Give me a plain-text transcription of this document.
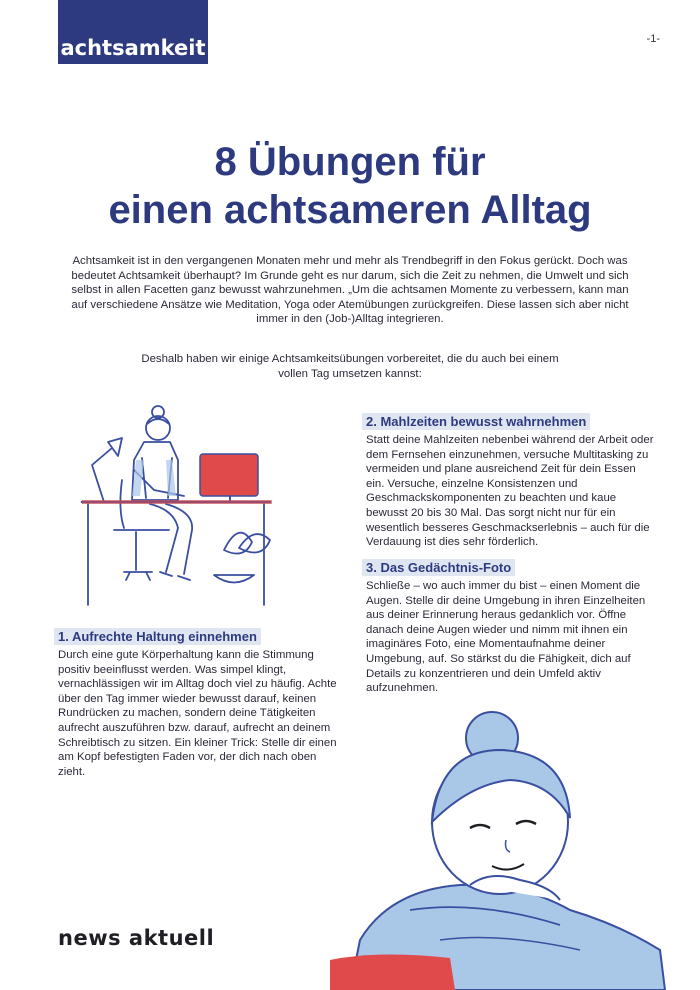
achtsamkeit	-1-
8 Übungen für
einen achtsameren Alltag

Achtsamkeit ist in den vergangenen Monaten mehr und mehr als Trendbegriff in den Fokus gerückt. Doch was bedeutet Achtsamkeit überhaupt? Im Grunde geht es nur darum, sich die Zeit zu nehmen, die Umwelt und sich selbst in allen Facetten ganz bewusst wahrzunehmen. „Um die achtsamen Momente zu verbessern, kann man auf verschiedene Ansätze wie Meditation, Yoga oder Atemübungen zurückgreifen. Diese lassen sich aber nicht immer in den (Job-)Alltag integrieren.

Deshalb haben wir einige Achtsamkeitsübungen vorbereitet, die du auch bei einem vollen Tag umsetzen kannst:

2. Mahlzeiten bewusst wahrnehmen

Statt deine Mahlzeiten nebenbei während der Arbeit oder dem Fernsehen einzunehmen, versuche Multitasking zu vermeiden und plane ausreichend Zeit für dein Essen ein. Versuche, einzelne Konsistenzen und Geschmackskomponenten zu beachten und kaue bewusst 20 bis 30 Mal. Das sorgt nicht nur für ein wesentlich besseres Geschmackserlebnis – auch für die Verdauung ist dies sehr förderlich.

3. Das Gedächtnis-Foto

Schließe – wo auch immer du bist – einen Moment die Augen. Stelle dir deine Umgebung in ihren Einzelheiten aus deiner Erinnerung heraus gedanklich vor. Öffne danach deine Augen wieder und nimm mit ihnen ein imaginäres Foto, eine Momentaufnahme deiner Umgebung, auf. So stärkst du die Fähigkeit, dich auf Details zu konzentrieren und dein Umfeld aktiv aufzunehmen.

1. Aufrechte Haltung einnehmen

Durch eine gute Körperhaltung kann die Stimmung positiv beeinflusst werden. Was simpel klingt, vernachlässigen wir im Alltag doch viel zu häufig. Achte über den Tag immer wieder bewusst darauf, keinen Rundrücken zu machen, sondern deine Tätigkeiten aufrecht auszuführen bzw. darauf, aufrecht an deinem Schreibtisch zu sitzen. Ein kleiner Trick: Stelle dir einen am Kopf befestigten Faden vor, der dich nach oben zieht.

news aktuell
